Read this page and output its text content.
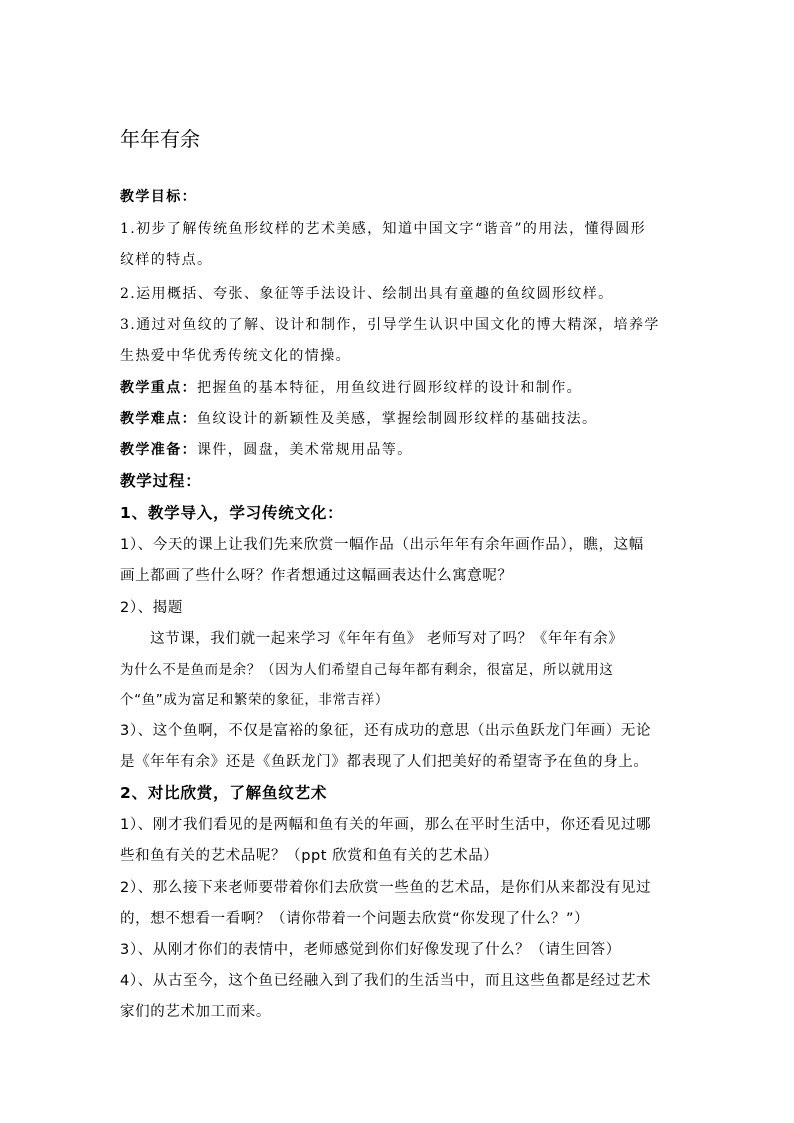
年年有余
教学目标：
1.初步了解传统鱼形纹样的艺术美感，知道中国文字“谐音”的用法，懂得圆形
纹样的特点。
2.运用概括、夸张、象征等手法设计、绘制出具有童趣的鱼纹圆形纹样。
3.通过对鱼纹的了解、设计和制作，引导学生认识中国文化的博大精深，培养学
生热爱中华优秀传统文化的情操。
教学重点：把握鱼的基本特征，用鱼纹进行圆形纹样的设计和制作。
教学难点：鱼纹设计的新颖性及美感，掌握绘制圆形纹样的基础技法。
教学准备：课件，圆盘，美术常规用品等。
教学过程：
1、教学导入，学习传统文化：
1）、今天的课上让我们先来欣赏一幅作品（出示年年有余年画作品），瞧，这幅
画上都画了些什么呀？作者想通过这幅画表达什么寓意呢？
2）、揭题
这节课，我们就一起来学习《年年有鱼》 老师写对了吗？《年年有余》
为什么不是鱼而是余？（因为人们希望自己每年都有剩余，很富足，所以就用这
个“鱼”成为富足和繁荣的象征，非常吉祥）
3）、这个鱼啊，不仅是富裕的象征，还有成功的意思（出示鱼跃龙门年画）无论
是《年年有余》还是《鱼跃龙门》都表现了人们把美好的希望寄予在鱼的身上。
2、对比欣赏，了解鱼纹艺术
1）、刚才我们看见的是两幅和鱼有关的年画，那么在平时生活中，你还看见过哪
些和鱼有关的艺术品呢？（ppt 欣赏和鱼有关的艺术品）
2）、那么接下来老师要带着你们去欣赏一些鱼的艺术品，是你们从来都没有见过
的，想不想看一看啊？（请你带着一个问题去欣赏“你发现了什么？”）
3）、从刚才你们的表情中，老师感觉到你们好像发现了什么？（请生回答）
4）、从古至今，这个鱼已经融入到了我们的生活当中，而且这些鱼都是经过艺术
家们的艺术加工而来。
